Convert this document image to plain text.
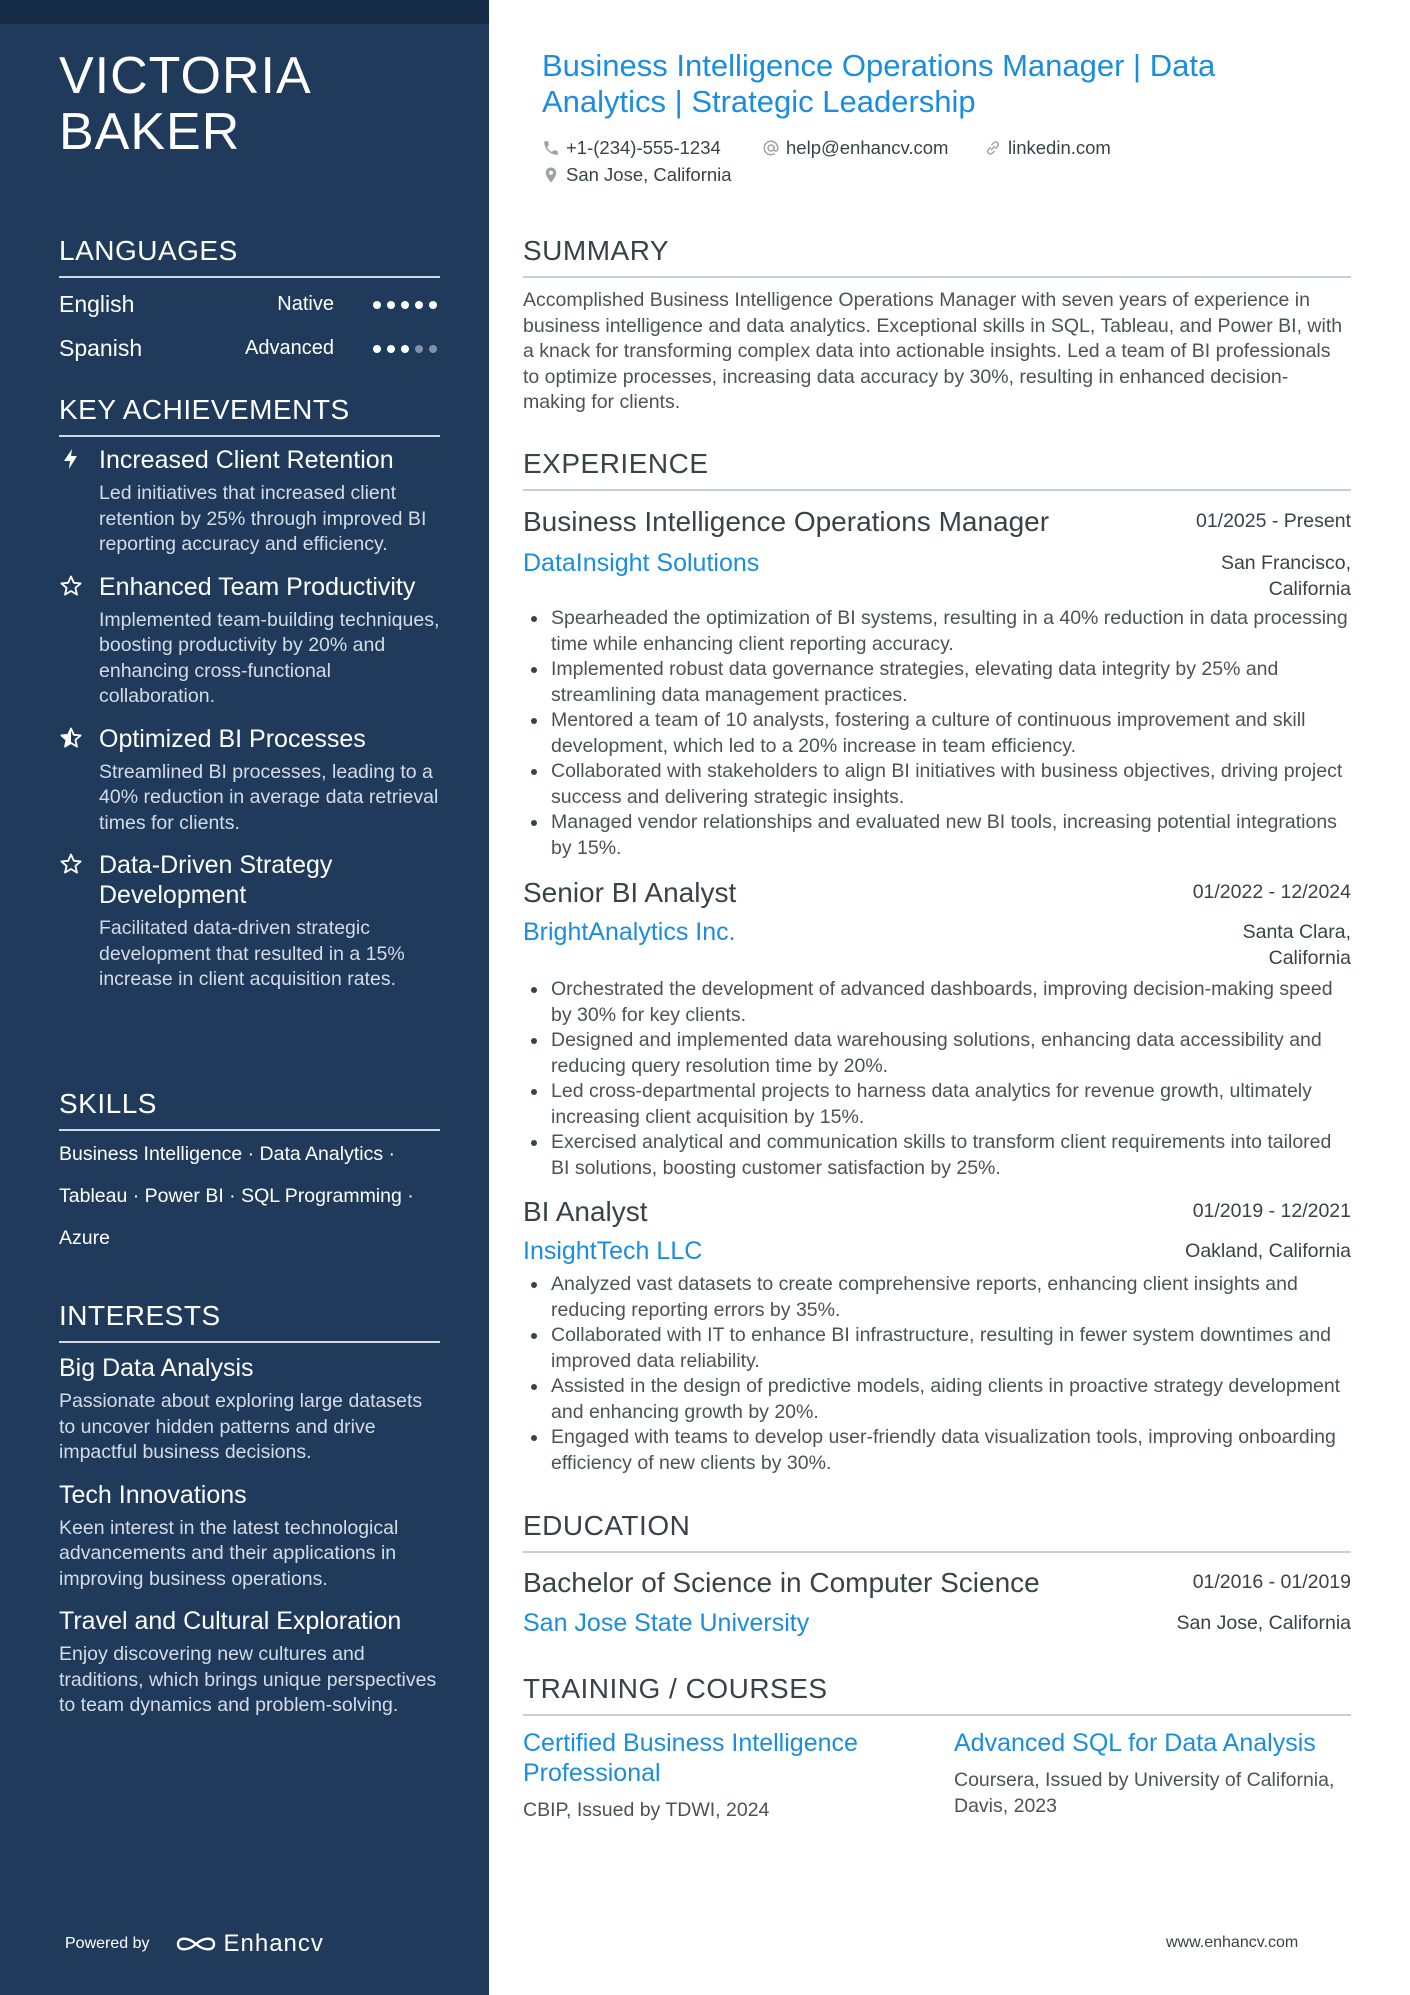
VICTORIA
BAKER
LANGUAGES
English	Native
Spanish	Advanced
KEY ACHIEVEMENTS
Increased Client Retention
Led initiatives that increased client retention by 25% through improved BI reporting accuracy and efficiency.
Enhanced Team Productivity
Implemented team-building techniques, boosting productivity by 20% and enhancing cross-functional collaboration.
Optimized BI Processes
Streamlined BI processes, leading to a 40% reduction in average data retrieval times for clients.
Data-Driven Strategy Development
Facilitated data-driven strategic development that resulted in a 15% increase in client acquisition rates.
SKILLS
Business Intelligence · Data Analytics ·
Tableau · Power BI · SQL Programming ·
Azure
INTERESTS
Big Data Analysis
Passionate about exploring large datasets to uncover hidden patterns and drive impactful business decisions.
Tech Innovations
Keen interest in the latest technological advancements and their applications in improving business operations.
Travel and Cultural Exploration
Enjoy discovering new cultures and traditions, which brings unique perspectives to team dynamics and problem-solving.
Powered by	Enhancv
Business Intelligence Operations Manager | Data Analytics | Strategic Leadership
+1-(234)-555-1234	help@enhancv.com	linkedin.com
San Jose, California
SUMMARY
Accomplished Business Intelligence Operations Manager with seven years of experience in business intelligence and data analytics. Exceptional skills in SQL, Tableau, and Power BI, with a knack for transforming complex data into actionable insights. Led a team of BI professionals to optimize processes, increasing data accuracy by 30%, resulting in enhanced decision-making for clients.
EXPERIENCE
Business Intelligence Operations Manager	01/2025 - Present
DataInsight Solutions	San Francisco, California
Spearheaded the optimization of BI systems, resulting in a 40% reduction in data processing time while enhancing client reporting accuracy.
Implemented robust data governance strategies, elevating data integrity by 25% and streamlining data management practices.
Mentored a team of 10 analysts, fostering a culture of continuous improvement and skill development, which led to a 20% increase in team efficiency.
Collaborated with stakeholders to align BI initiatives with business objectives, driving project success and delivering strategic insights.
Managed vendor relationships and evaluated new BI tools, increasing potential integrations by 15%.
Senior BI Analyst	01/2022 - 12/2024
BrightAnalytics Inc.	Santa Clara, California
Orchestrated the development of advanced dashboards, improving decision-making speed by 30% for key clients.
Designed and implemented data warehousing solutions, enhancing data accessibility and reducing query resolution time by 20%.
Led cross-departmental projects to harness data analytics for revenue growth, ultimately increasing client acquisition by 15%.
Exercised analytical and communication skills to transform client requirements into tailored BI solutions, boosting customer satisfaction by 25%.
BI Analyst	01/2019 - 12/2021
InsightTech LLC	Oakland, California
Analyzed vast datasets to create comprehensive reports, enhancing client insights and reducing reporting errors by 35%.
Collaborated with IT to enhance BI infrastructure, resulting in fewer system downtimes and improved data reliability.
Assisted in the design of predictive models, aiding clients in proactive strategy development and enhancing growth by 20%.
Engaged with teams to develop user-friendly data visualization tools, improving onboarding efficiency of new clients by 30%.
EDUCATION
Bachelor of Science in Computer Science	01/2016 - 01/2019
San Jose State University	San Jose, California
TRAINING / COURSES
Certified Business Intelligence Professional
CBIP, Issued by TDWI, 2024
Advanced SQL for Data Analysis
Coursera, Issued by University of California, Davis, 2023
www.enhancv.com
